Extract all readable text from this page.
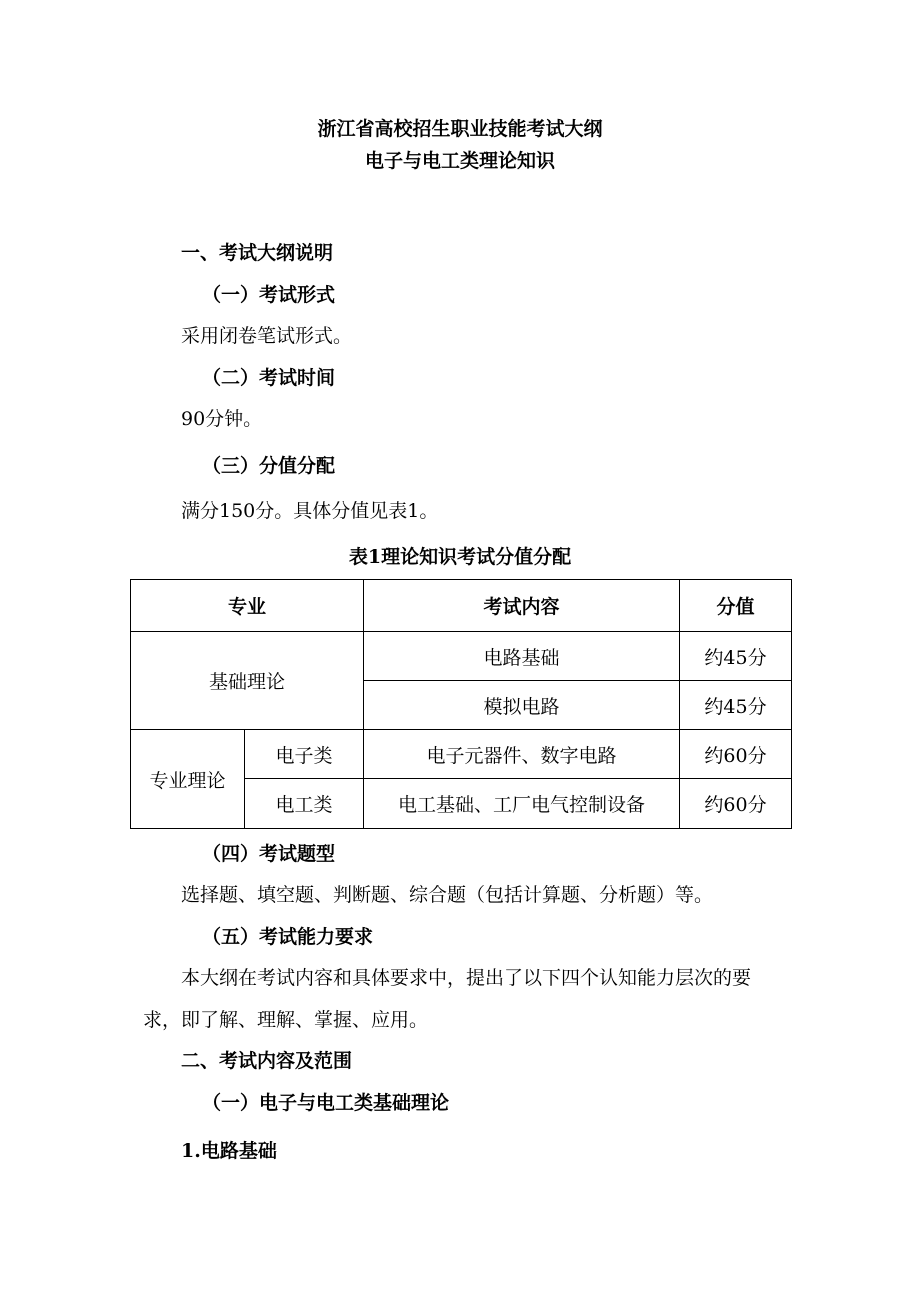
浙江省高校招生职业技能考试大纲
电子与电工类理论知识
一、考试大纲说明
（一）考试形式
采用闭卷笔试形式。
（二）考试时间
90分钟。
（三）分值分配
满分150分。具体分值见表1。
表1理论知识考试分值分配
专业		考试内容	分值
基础理论		电路基础	约45分
		模拟电路	约45分
专业理论	电子类	电子元器件、数字电路	约60分
	电工类	电工基础、工厂电气控制设备	约60分
（四）考试题型
选择题、填空题、判断题、综合题（包括计算题、分析题）等。
（五）考试能力要求
本大纲在考试内容和具体要求中，提出了以下四个认知能力层次的要
求，即了解、理解、掌握、应用。
二、考试内容及范围
（一）电子与电工类基础理论
1.电路基础
